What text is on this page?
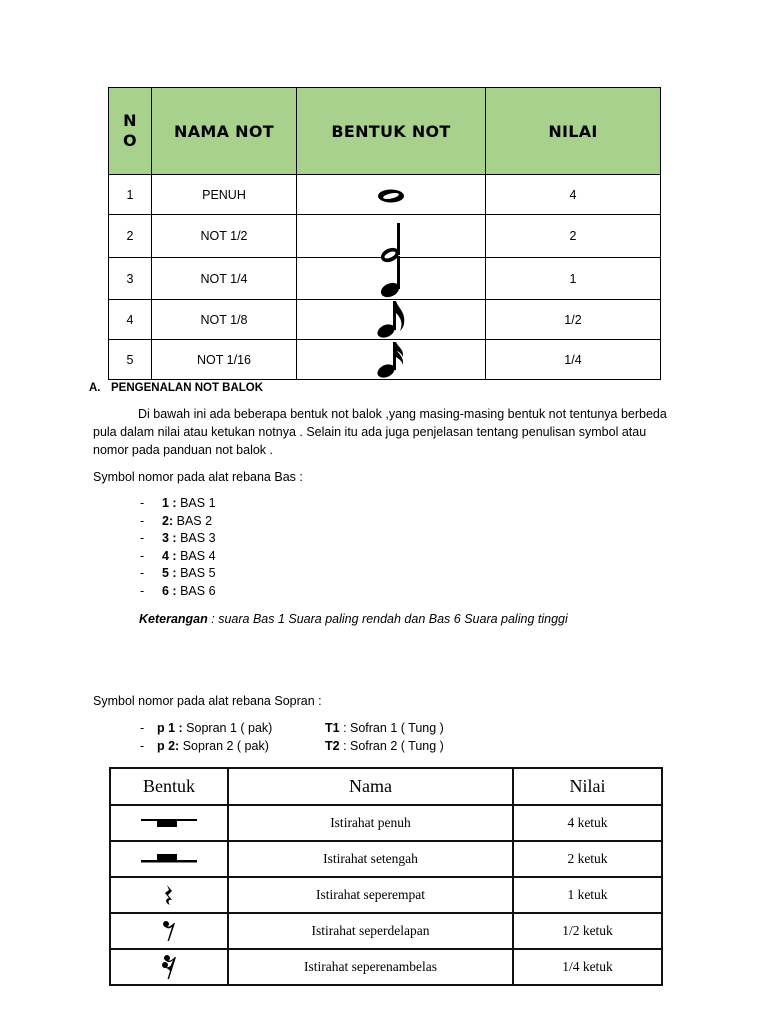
N
O	NAMA NOT	BENTUK NOT	NILAI
1	PENUH		4
2	NOT 1/2		2
3	NOT 1/4		1
4	NOT 1/8		1/2
5	NOT 1/16		1/4
A. PENGENALAN NOT BALOK
Di bawah ini ada beberapa bentuk not balok ,yang masing-masing bentuk not tentunya berbeda pula dalam nilai atau ketukan notnya . Selain itu ada juga penjelasan tentang penulisan symbol atau nomor pada panduan not balok .
Symbol nomor pada alat rebana Bas :
- 1 : BAS 1
- 2: BAS 2
- 3 : BAS 3
- 4 : BAS 4
- 5 : BAS 5
- 6 : BAS 6
Keterangan : suara Bas 1 Suara paling rendah dan Bas 6 Suara paling tinggi
Symbol nomor pada alat rebana Sopran :
- p 1 : Sopran 1 ( pak)	T1 : Sofran 1 ( Tung )
- p 2: Sopran 2 ( pak)	T2 : Sofran 2 ( Tung )
Bentuk	Nama	Nilai

	Istirahat penuh	4 ketuk

	Istirahat setengah	2 ketuk

	Istirahat seperempat	1 ketuk

	Istirahat seperdelapan	1/2 ketuk

	Istirahat seperenambelas	1/4 ketuk
